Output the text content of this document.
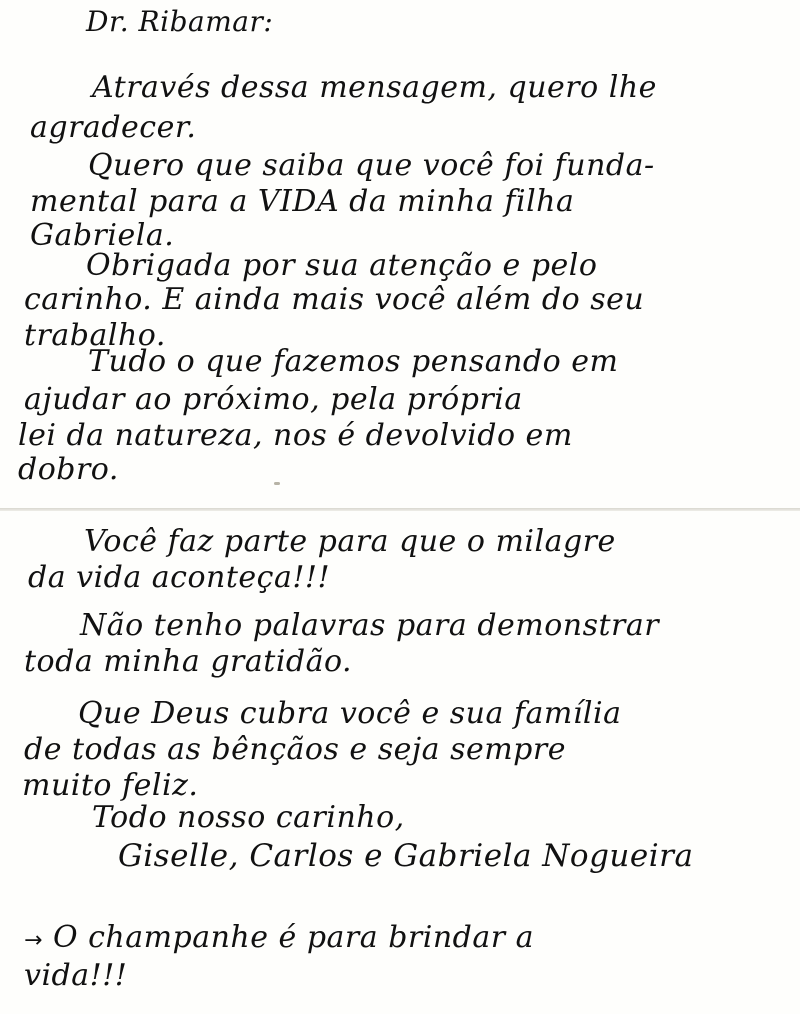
Dr. Ribamar:
Através dessa mensagem, quero lhe
agradecer.
Quero que saiba que você foi funda-
mental para a VIDA da minha filha
Gabriela.
Obrigada por sua atenção e pelo
carinho. E ainda mais você além do seu
trabalho.
Tudo o que fazemos pensando em
ajudar ao próximo, pela própria
lei da natureza, nos é devolvido em
dobro.
Você faz parte para que o milagre
da vida aconteça!!!
Não tenho palavras para demonstrar
toda minha gratidão.
Que Deus cubra você e sua família
de todas as bênçãos e seja sempre
muito feliz.
Todo nosso carinho,
Giselle, Carlos e Gabriela Nogueira
→ O champanhe é para brindar a
vida!!!
